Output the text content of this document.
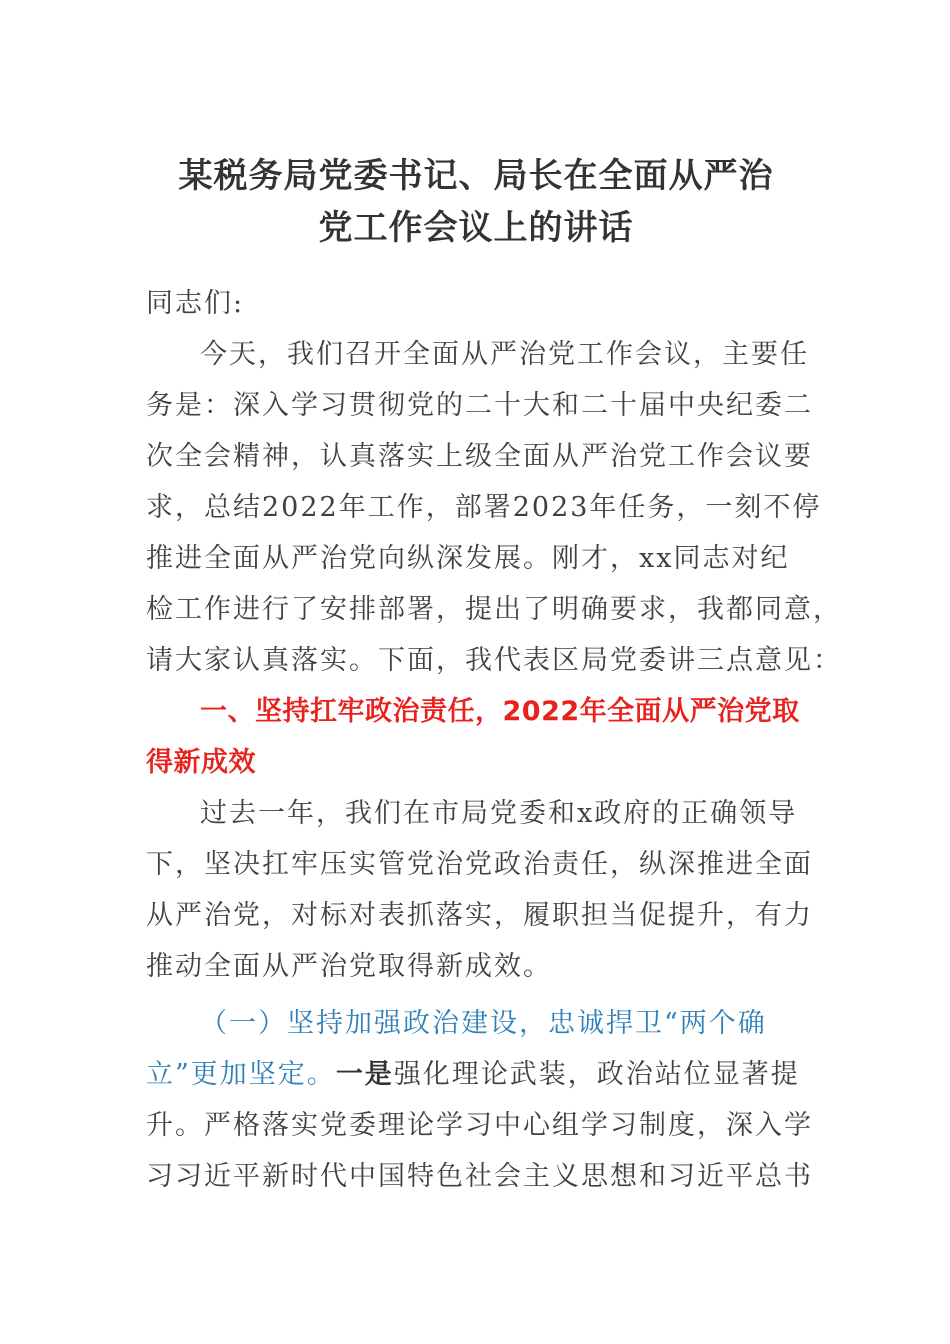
某税务局党委书记、局长在全面从严治
党工作会议上的讲话
同志们:
今天，我们召开全面从严治党工作会议，主要任
务是：深入学习贯彻党的二十大和二十届中央纪委二
次全会精神，认真落实上级全面从严治党工作会议要
求，总结2022年工作，部署2023年任务，一刻不停
推进全面从严治党向纵深发展。刚才，xx同志对纪
检工作进行了安排部署，提出了明确要求，我都同意，
请大家认真落实。下面，我代表区局党委讲三点意见：
一、坚持扛牢政治责任，2022年全面从严治党取
得新成效
过去一年，我们在市局党委和x政府的正确领导
下，坚决扛牢压实管党治党政治责任，纵深推进全面
从严治党，对标对表抓落实，履职担当促提升，有力
推动全面从严治党取得新成效。
（一）坚持加强政治建设，忠诚捍卫“两个确
立”更加坚定。一是强化理论武装，政治站位显著提
升。严格落实党委理论学习中心组学习制度，深入学
习习近平新时代中国特色社会主义思想和习近平总书
